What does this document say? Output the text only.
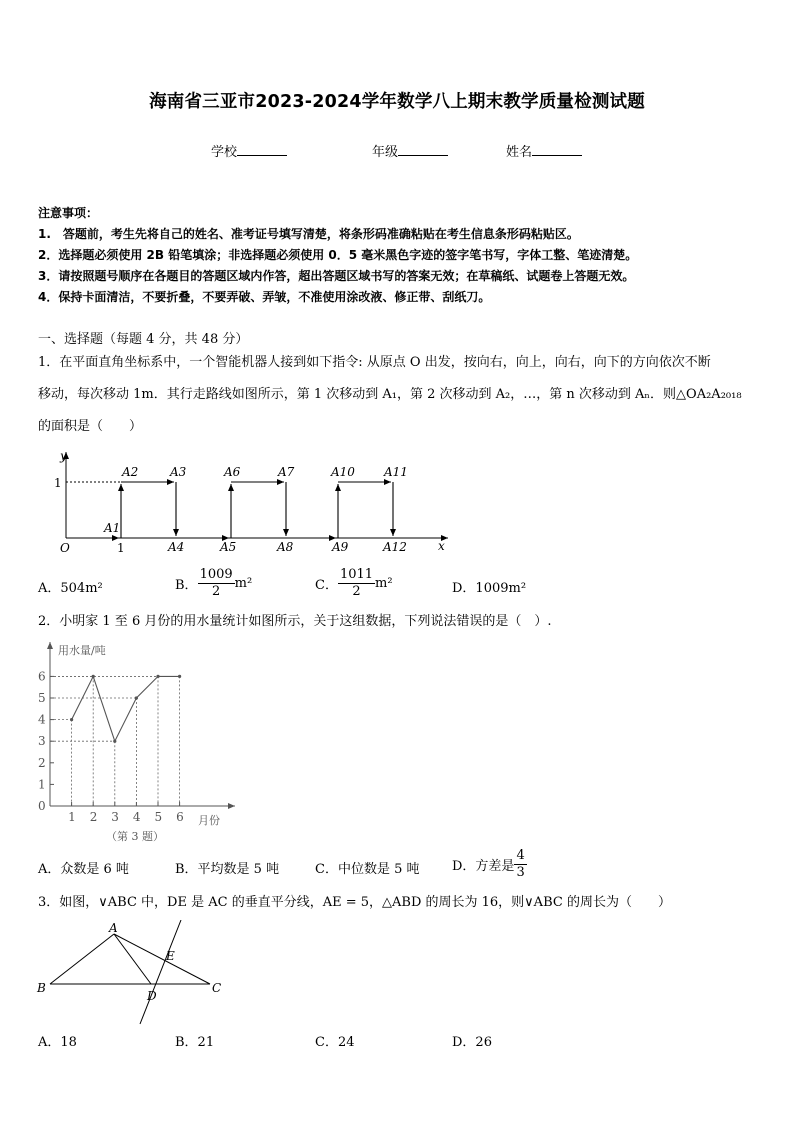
海南省三亚市2023-2024学年数学八上期末教学质量检测试题
学校	年级	姓名
注意事项：
1.　答题前，考生先将自己的姓名、准考证号填写清楚，将条形码准确粘贴在考生信息条形码粘贴区。
2．选择题必须使用 2B 铅笔填涂；非选择题必须使用 0．5 毫米黑色字迹的签字笔书写，字体工整、笔迹清楚。
3．请按照题号顺序在各题目的答题区域内作答，超出答题区域书写的答案无效；在草稿纸、试题卷上答题无效。
4．保持卡面清洁，不要折叠，不要弄破、弄皱，不准使用涂改液、修正带、刮纸刀。
一、选择题（每题 4 分，共 48 分）
1．在平面直角坐标系中，一个智能机器人接到如下指令: 从原点 O 出发，按向右，向上，向右，向下的方向依次不断
移动，每次移动 1m．其行走路线如图所示，第 1 次移动到 A₁，第 2 次移动到 A₂，…，第 n 次移动到 Aₙ．则△OA₂A₂₀₁₈
的面积是（　　）
y
x
O
1
1
A2	A3	A6	A7	A10 A11
A1
A4	A5	A8	A9	A12
A．504m²	B． $\frac{1009}{2} m^2$	C． $\frac{1011}{2} m^2$	D．1009m²
2．小明家 1 至 6 月份的用水量统计如图所示，关于这组数据，下列说法错误的是（　）.
用水量/吨
月份
（第 3 题）
0
1
2
3
4
5
6
1 2 3 4 5 6
A．众数是 6 吨	B．平均数是 5 吨	C．中位数是 5 吨	D．方差是 $\frac{4}{3}$
3．如图，∨ABC 中，DE 是 AC 的垂直平分线，AE = 5，△ABD 的周长为 16，则∨ABC 的周长为（　　）
A
B	C
D
E
A．18	B．21	C．24	D．26
